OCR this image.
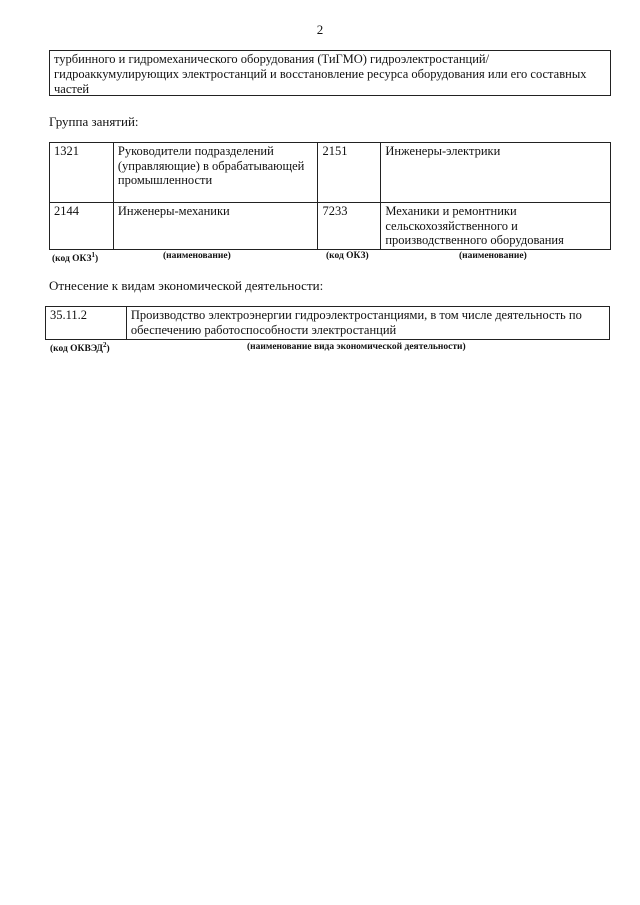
2
турбинного и гидромеханического оборудования (ТиГМО) гидроэлектростанций/ гидроаккумулирующих электростанций и восстановление ресурса оборудования или его составных частей
Группа занятий:
1321	Руководители подразделений (управляющие) в обрабатывающей промышленности	2151	Инженеры-электрики
2144	Инженеры-механики	7233	Механики и ремонтники сельскохозяйственного и производственного оборудования
(код ОКЗ$^1$)	(наименование)	(код ОКЗ)	(наименование)
Отнесение к видам экономической деятельности:
35.11.2	Производство электроэнергии гидроэлектростанциями, в том числе деятельность по обеспечению работоспособности электростанций
(код ОКВЭД$^2$)	(наименование вида экономической деятельности)
